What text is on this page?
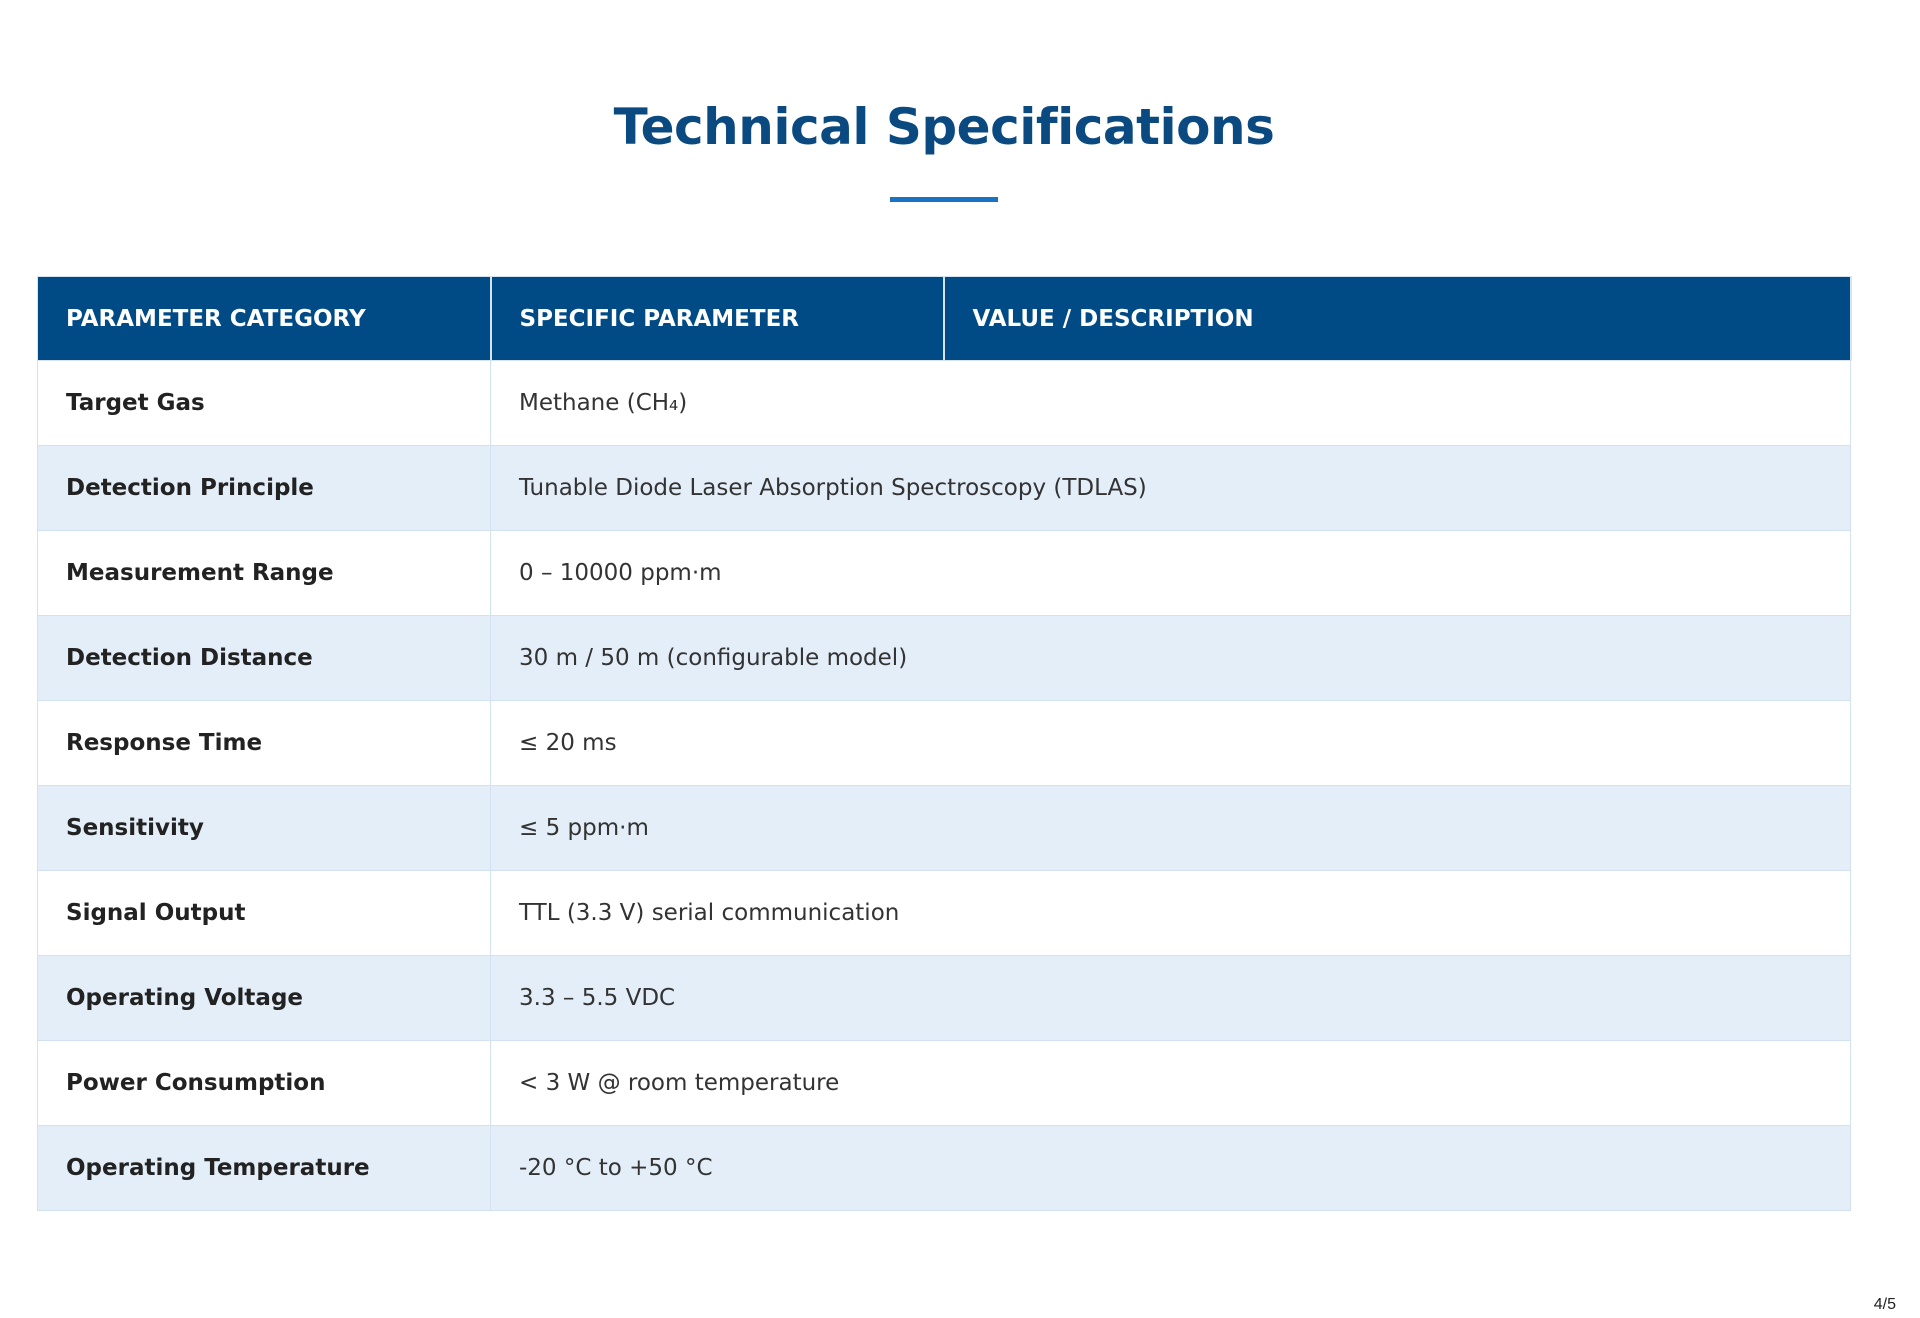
Technical Specifications
PARAMETER CATEGORY	SPECIFIC PARAMETER	VALUE / DESCRIPTION
Target Gas	Methane (CH₄)	
Detection Principle	Tunable Diode Laser Absorption Spectroscopy (TDLAS)	
Measurement Range	0 – 10000 ppm·m	
Detection Distance	30 m / 50 m (configurable model)	
Response Time	≤ 20 ms	
Sensitivity	≤ 5 ppm·m	
Signal Output	TTL (3.3 V) serial communication	
Operating Voltage	3.3 – 5.5 VDC	
Power Consumption	< 3 W @ room temperature	
Operating Temperature	-20 °C to +50 °C	
4/5
